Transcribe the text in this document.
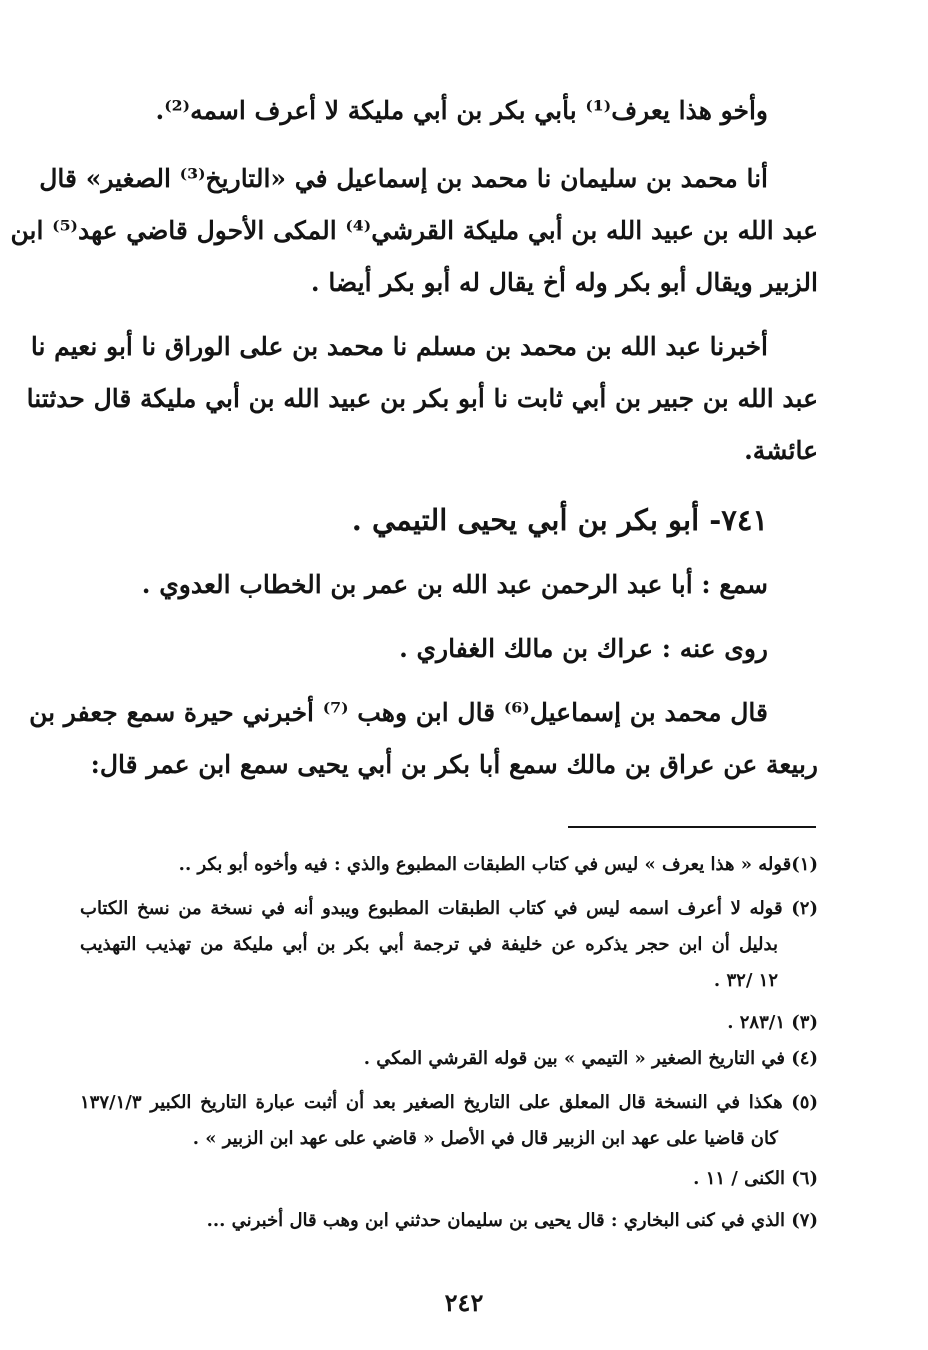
وأخو هذا يعرف⁽¹⁾ بأبي بكر بن أبي مليكة لا أعرف اسمه⁽²⁾.
أنا محمد بن سليمان نا محمد بن إسماعيل في «التاريخ⁽³⁾ الصغير» قال
عبد الله بن عبيد الله بن أبي مليكة القرشي⁽⁴⁾ المكى الأحول قاضي عهد⁽⁵⁾ ابن
الزبير ويقال أبو بكر وله أخ يقال له أبو بكر أيضا .
أخبرنا عبد الله بن محمد بن مسلم نا محمد بن على الوراق نا أبو نعيم نا
عبد الله بن جبير بن أبي ثابت نا أبو بكر بن عبيد الله بن أبي مليكة قال حدثتنا
عائشة.
٧٤١- أبو بكر بن أبي يحيى التيمي .
سمع : أبا عبد الرحمن عبد الله بن عمر بن الخطاب العدوي .
روى عنه : عراك بن مالك الغفاري .
قال محمد بن إسماعيل⁽⁶⁾ قال ابن وهب ⁽⁷⁾ أخبرني حيرة سمع جعفر بن
ربيعة عن عراق بن مالك سمع أبا بكر بن أبي يحيى سمع ابن عمر قال:
(١)قوله « هذا يعرف » ليس في كتاب الطبقات المطبوع والذي : فيه وأخوه أبو بكر ..
(٢) قوله لا أعرف اسمه ليس في كتاب الطبقات المطبوع ويبدو أنه في نسخة من نسخ الكتاب
بدليل أن ابن حجر يذكره عن خليفة في ترجمة أبي بكر بن أبي مليكة من تهذيب التهذيب
١٢ /٣٢ .
(٣) ٢٨٣/١ .
(٤) في التاريخ الصغير « التيمي » بين قوله القرشي المكي .
(٥) هكذا في النسخة قال المعلق على التاريخ الصغير بعد أن أثبت عبارة التاريخ الكبير ١٣٧/١/٣
كان قاضيا على عهد ابن الزبير قال في الأصل « قاضي على عهد ابن الزبير » .
(٦) الكنى / ١١ .
(٧) الذي في كنى البخاري : قال يحيى بن سليمان حدثني ابن وهب قال أخبرني ...
٢٤٢
